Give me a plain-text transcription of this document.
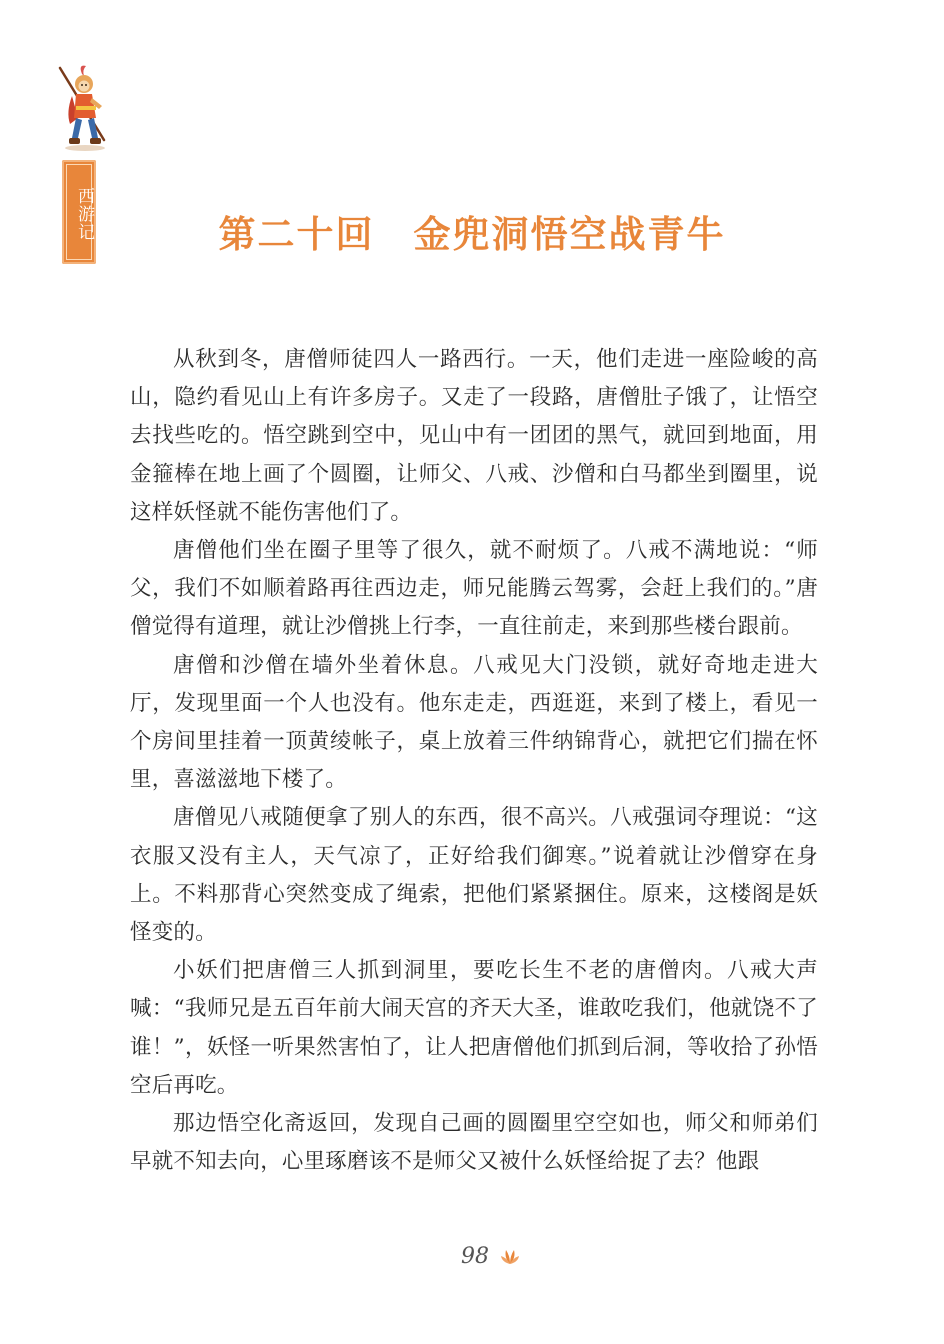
西游记	第二十回　金兜洞悟空战青牛

从秋到冬，唐僧师徒四人一路西行。一天，他们走进一座险峻的高山，隐约看见山上有许多房子。又走了一段路，唐僧肚子饿了，让悟空去找些吃的。悟空跳到空中，见山中有一团团的黑气，就回到地面，用金箍棒在地上画了个圆圈，让师父、八戒、沙僧和白马都坐到圈里，说这样妖怪就不能伤害他们了。

唐僧他们坐在圈子里等了很久，就不耐烦了。八戒不满地说：“师父，我们不如顺着路再往西边走，师兄能腾云驾雾，会赶上我们的。”唐僧觉得有道理，就让沙僧挑上行李，一直往前走，来到那些楼台跟前。

唐僧和沙僧在墙外坐着休息。八戒见大门没锁，就好奇地走进大厅，发现里面一个人也没有。他东走走，西逛逛，来到了楼上，看见一个房间里挂着一顶黄绫帐子，桌上放着三件纳锦背心，就把它们揣在怀里，喜滋滋地下楼了。

唐僧见八戒随便拿了别人的东西，很不高兴。八戒强词夺理说：“这衣服又没有主人，天气凉了，正好给我们御寒。”说着就让沙僧穿在身上。不料那背心突然变成了绳索，把他们紧紧捆住。原来，这楼阁是妖怪变的。

小妖们把唐僧三人抓到洞里，要吃长生不老的唐僧肉。八戒大声喊：“我师兄是五百年前大闹天宫的齐天大圣，谁敢吃我们，他就饶不了谁！”，妖怪一听果然害怕了，让人把唐僧他们抓到后洞，等收拾了孙悟空后再吃。

那边悟空化斋返回，发现自己画的圆圈里空空如也，师父和师弟们早就不知去向，心里琢磨该不是师父又被什么妖怪给捉了去？他跟

98
